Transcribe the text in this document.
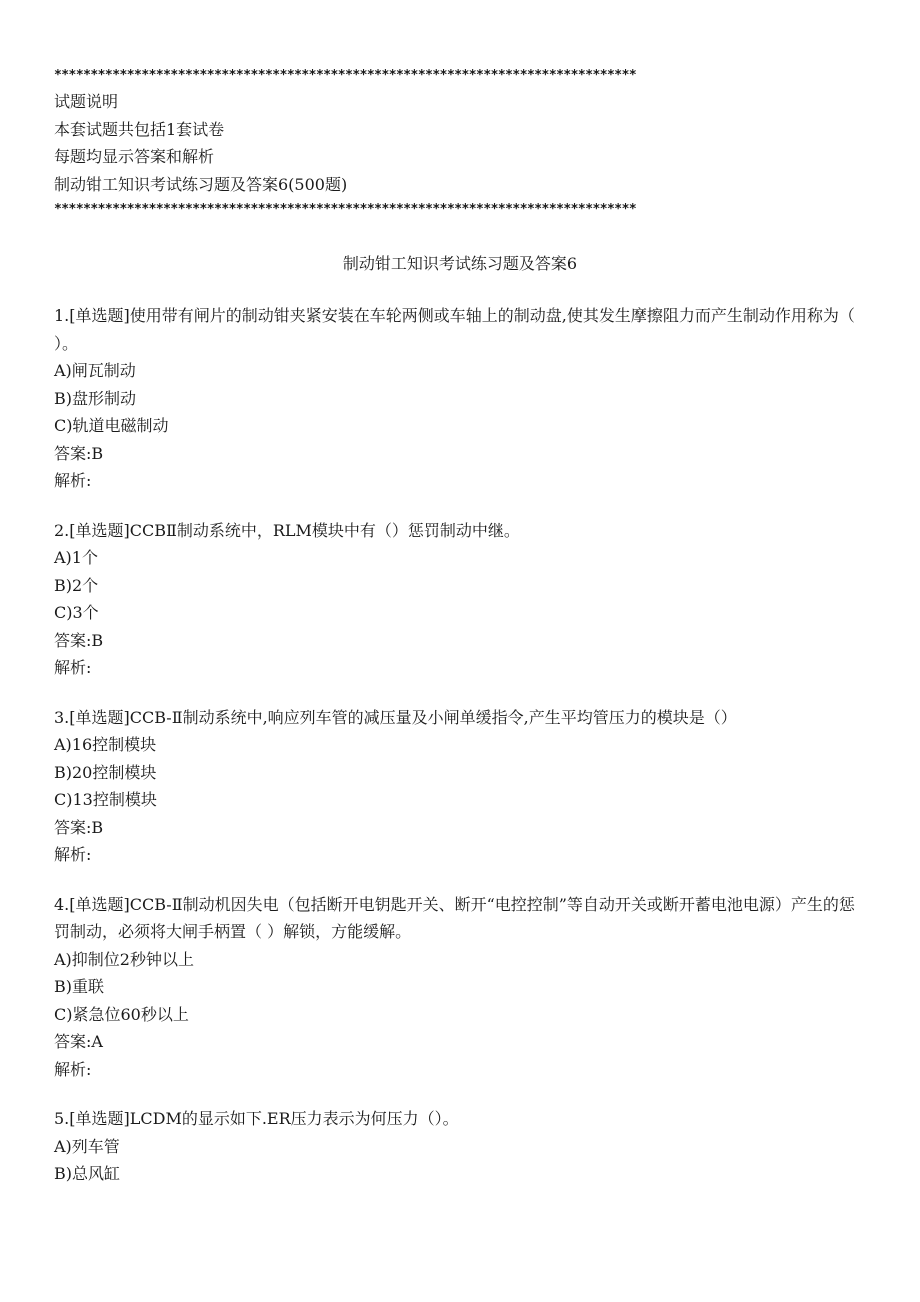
********************************************************************************
试题说明
本套试题共包括1套试卷
每题均显示答案和解析
制动钳工知识考试练习题及答案6(500题)
********************************************************************************
制动钳工知识考试练习题及答案6
1.[单选题]使用带有闸片的制动钳夹紧安装在车轮两侧或车轴上的制动盘,使其发生摩擦阻力而产生制动作用称为（ ）。
A)闸瓦制动
B)盘形制动
C)轨道电磁制动
答案:B
解析:
2.[单选题]CCBⅡ制动系统中，RLM模块中有（）惩罚制动中继。
A)1个
B)2个
C)3个
答案:B
解析:
3.[单选题]CCB-Ⅱ制动系统中,响应列车管的减压量及小闸单缓指令,产生平均管压力的模块是（）
A)16控制模块
B)20控制模块
C)13控制模块
答案:B
解析:
4.[单选题]CCB-Ⅱ制动机因失电（包括断开电钥匙开关、断开“电控控制”等自动开关或断开蓄电池电源）产生的惩罚制动，必须将大闸手柄置（ ）解锁，方能缓解。
A)抑制位2秒钟以上
B)重联
C)紧急位60秒以上
答案:A
解析:
5.[单选题]LCDM的显示如下.ER压力表示为何压力（）。
A)列车管
B)总风缸
